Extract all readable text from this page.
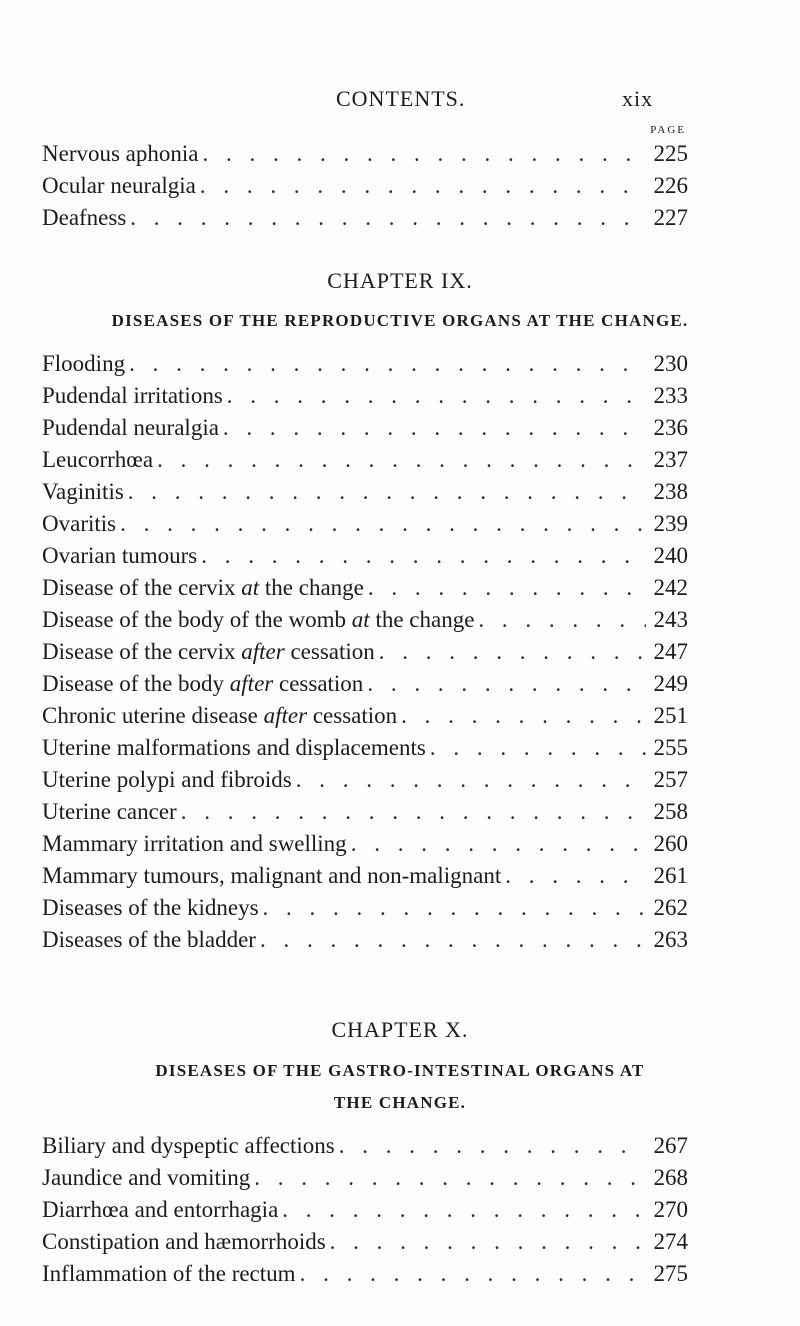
CONTENTS.	xix
PAGE
Nervous aphonia . . .	225
Ocular neuralgia . . .	226
Deafness . . .	227
CHAPTER IX.
DISEASES OF THE REPRODUCTIVE ORGANS AT THE CHANGE.
Flooding . . .	230
Pudendal irritations . . .	233
Pudendal neuralgia . . .	236
Leucorrhœa . . .	237
Vaginitis . . .	238
Ovaritis . . .	239
Ovarian tumours . . .	240
Disease of the cervix at the change . . .	242
Disease of the body of the womb at the change . . .	243
Disease of the cervix after cessation . . .	247
Disease of the body after cessation . . .	249
Chronic uterine disease after cessation . . .	251
Uterine malformations and displacements . . .	255
Uterine polypi and fibroids . . .	257
Uterine cancer . . .	258
Mammary irritation and swelling . . .	260
Mammary tumours, malignant and non-malignant . . .	261
Diseases of the kidneys . . .	262
Diseases of the bladder . . .	263
CHAPTER X.
DISEASES OF THE GASTRO-INTESTINAL ORGANS AT
THE CHANGE.
Biliary and dyspeptic affections . . .	267
Jaundice and vomiting . . .	268
Diarrhœa and entorrhagia . . .	270
Constipation and hæmorrhoids . . .	274
Inflammation of the rectum . . .	275
